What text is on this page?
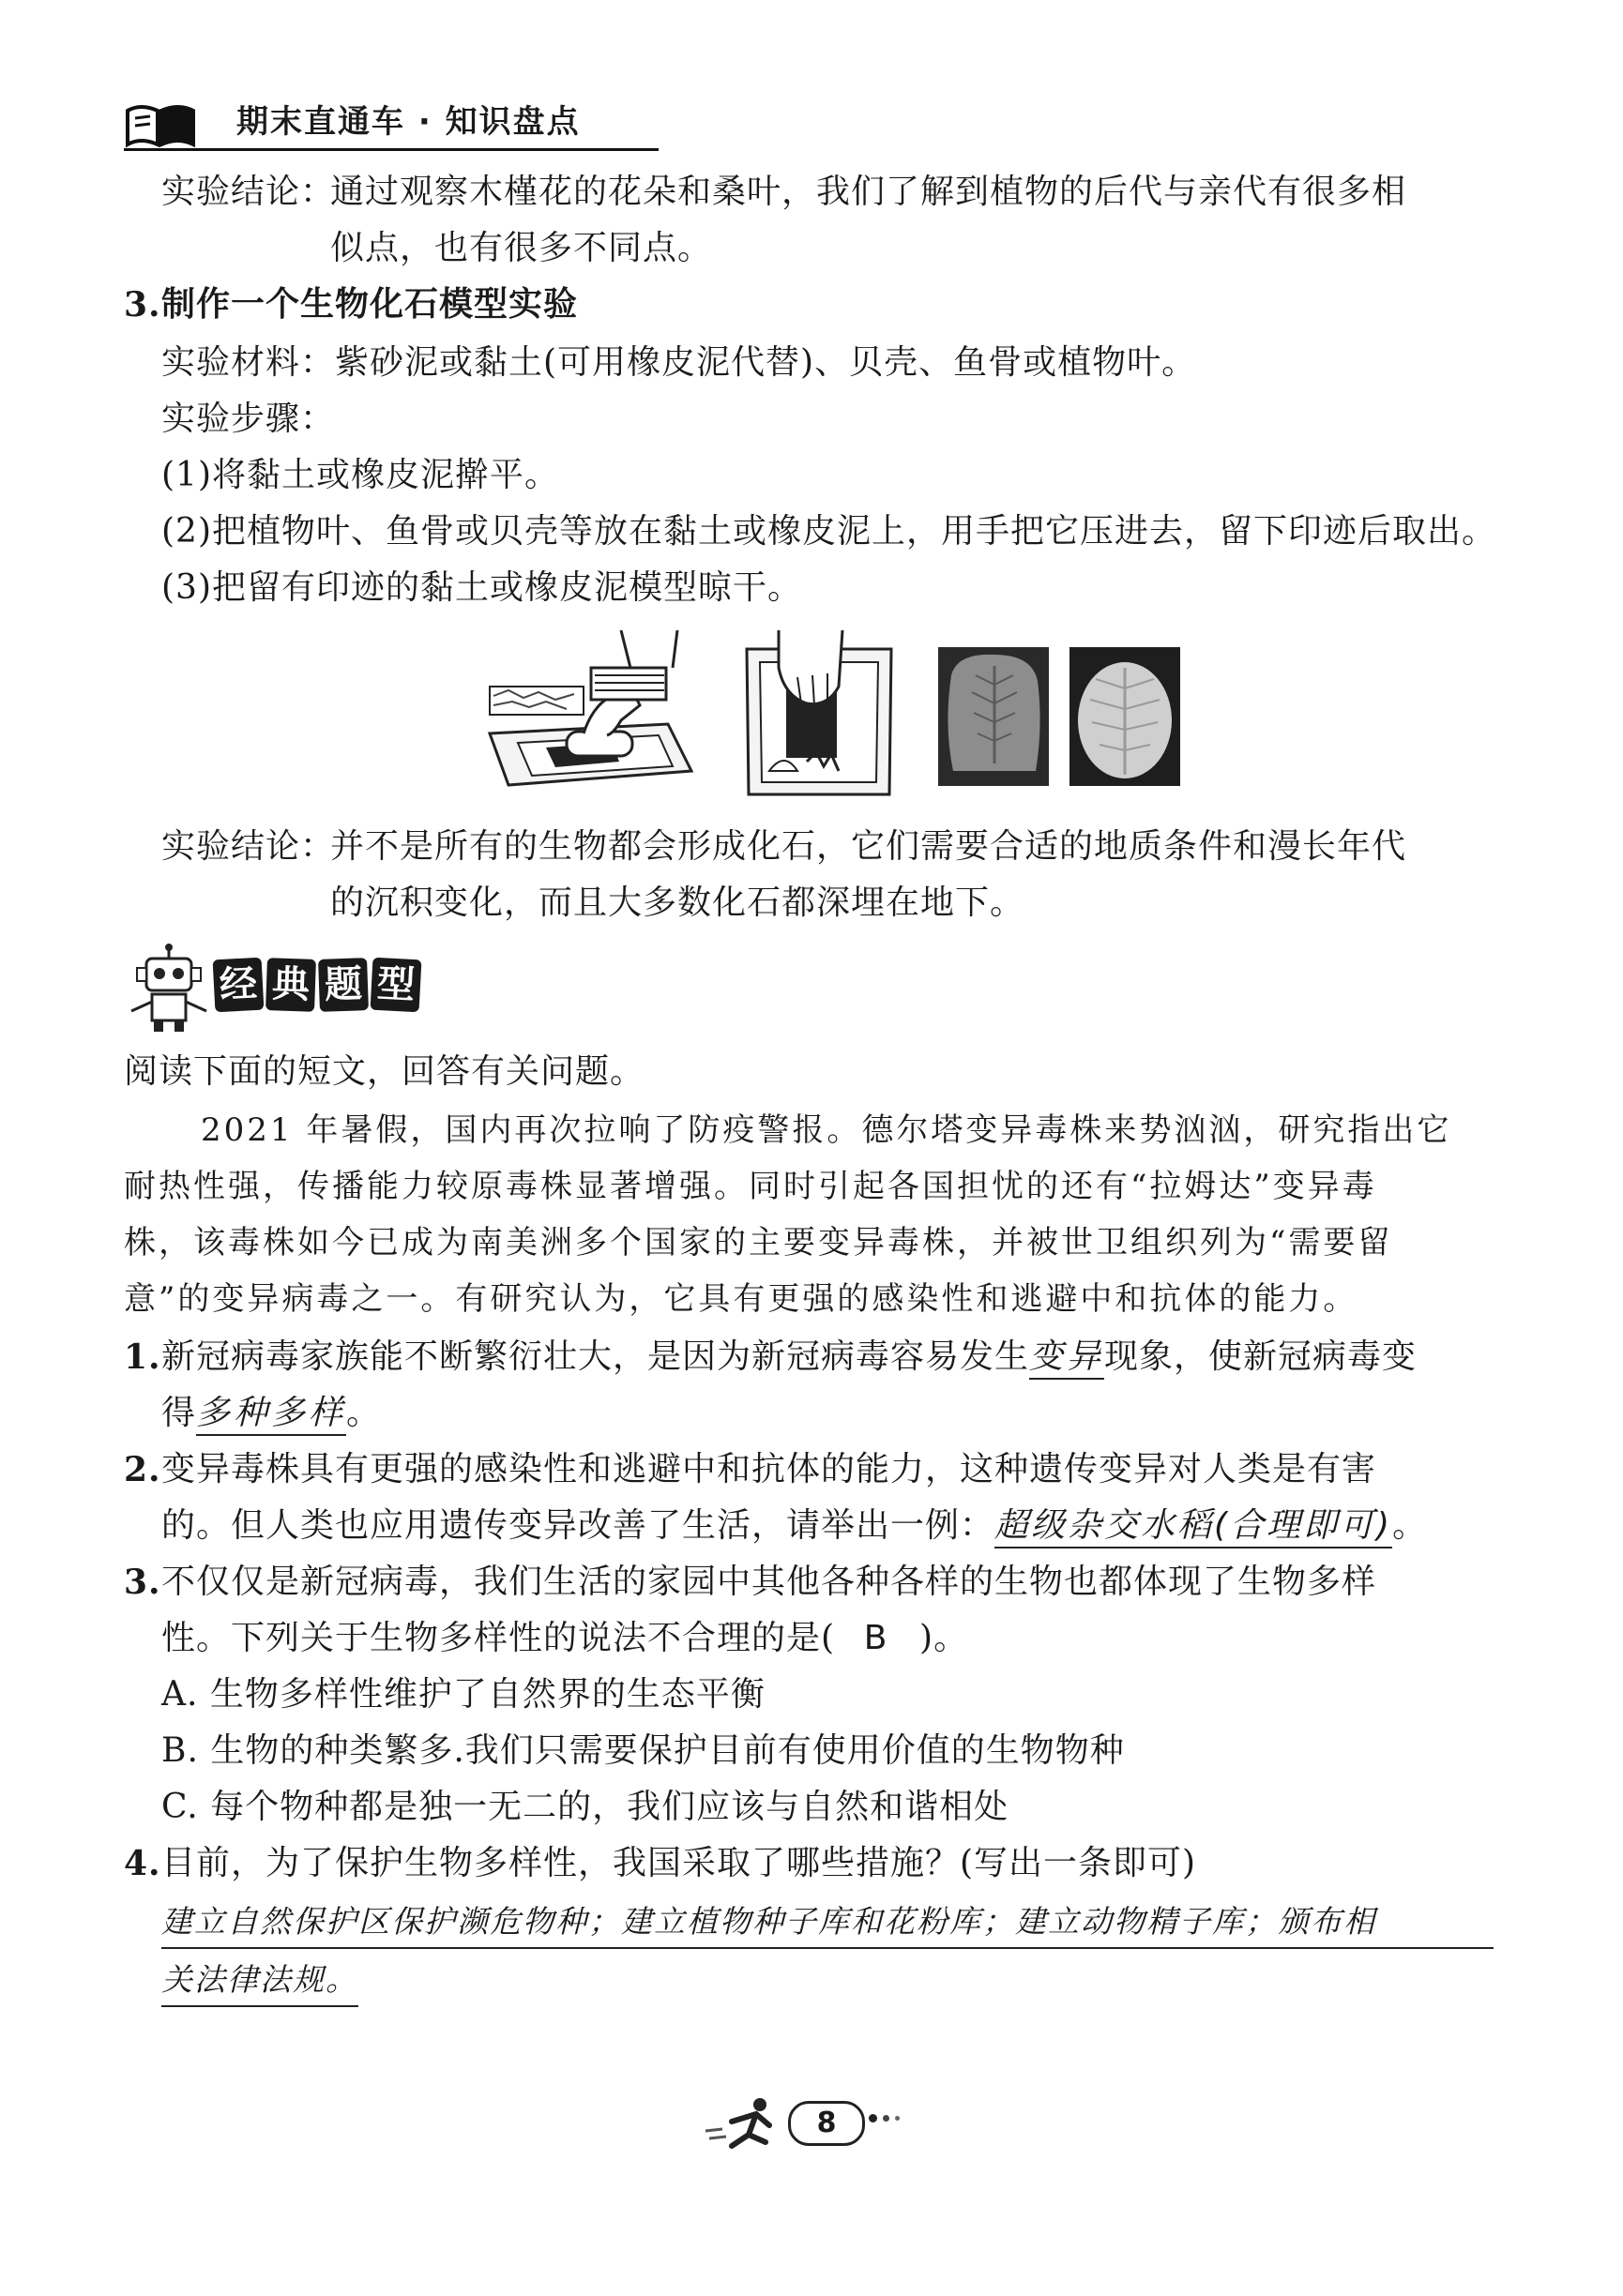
期末直通车 · 知识盘点
实验结论：
通过观察木槿花的花朵和桑叶，我们了解到植物的后代与亲代有很多相
似点，也有很多不同点。
3. 制作一个生物化石模型实验
实验材料：紫砂泥或黏土(可用橡皮泥代替)、贝壳、鱼骨或植物叶。
实验步骤：
(1)将黏土或橡皮泥擀平。
(2)把植物叶、鱼骨或贝壳等放在黏土或橡皮泥上，用手把它压进去，留下印迹后取出。
(3)把留有印迹的黏土或橡皮泥模型晾干。
实验结论：
并不是所有的生物都会形成化石，它们需要合适的地质条件和漫长年代
的沉积变化，而且大多数化石都深埋在地下。
经 典 题 型
阅读下面的短文，回答有关问题。
2021 年暑假，国内再次拉响了防疫警报。德尔塔变异毒株来势汹汹，研究指出它
耐热性强，传播能力较原毒株显著增强。同时引起各国担忧的还有“拉姆达”变异毒
株，该毒株如今已成为南美洲多个国家的主要变异毒株，并被世卫组织列为“需要留
意”的变异病毒之一。有研究认为，它具有更强的感染性和逃避中和抗体的能力。
1. 新冠病毒家族能不断繁衍壮大，是因为新冠病毒容易发生变异现象，使新冠病毒变
得多种多样。
2. 变异毒株具有更强的感染性和逃避中和抗体的能力，这种遗传变异对人类是有害
的。但人类也应用遗传变异改善了生活，请举出一例：超级杂交水稻(合理即可)。
3. 不仅仅是新冠病毒，我们生活的家园中其他各种各样的生物也都体现了生物多样
性。下列关于生物多样性的说法不合理的是( B )。
A. 生物多样性维护了自然界的生态平衡
B. 生物的种类繁多.我们只需要保护目前有使用价值的生物物种
C. 每个物种都是独一无二的，我们应该与自然和谐相处
4. 目前，为了保护生物多样性，我国采取了哪些措施？(写出一条即可)
建立自然保护区保护濒危物种；建立植物种子库和花粉库；建立动物精子库；颁布相
关法律法规。
8
